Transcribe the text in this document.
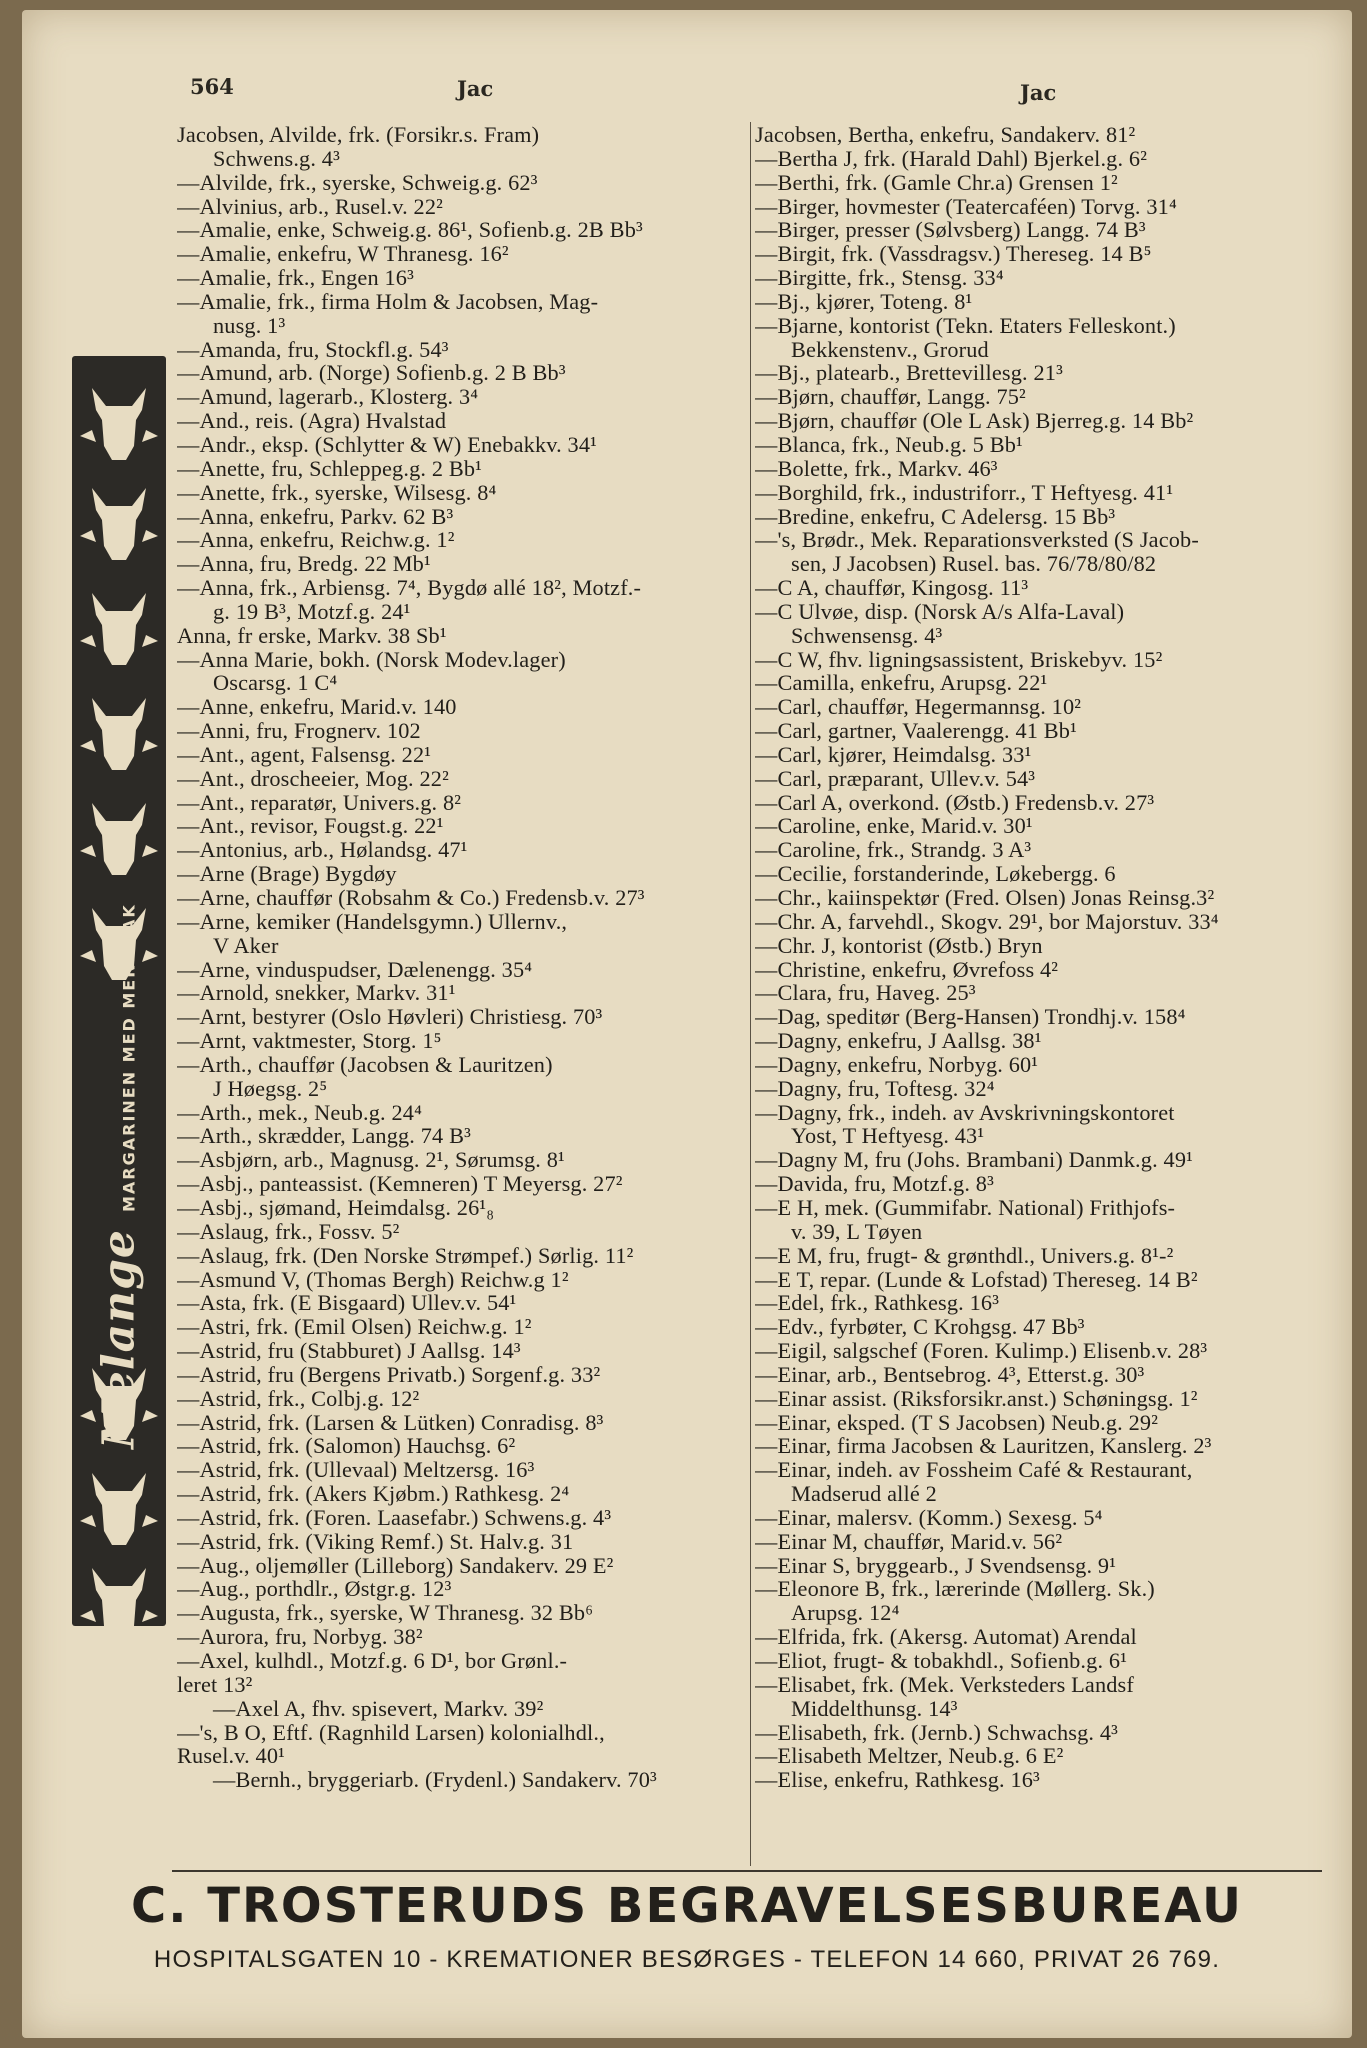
564	Jac	Jac
Melange MARGARINEN MED MERSMAK
Jacobsen, Alvilde, frk. (Forsikr.s. Fram)
Schwens.g. 4³
—Alvilde, frk., syerske, Schweig.g. 62³
—Alvinius, arb., Rusel.v. 22²
—Amalie, enke, Schweig.g. 86¹, Sofienb.g. 2B Bb³
—Amalie, enkefru, W Thranesg. 16²
—Amalie, frk., Engen 16³
—Amalie, frk., firma Holm & Jacobsen, Mag-
nusg. 1³
—Amanda, fru, Stockfl.g. 54³
—Amund, arb. (Norge) Sofienb.g. 2 B Bb³
—Amund, lagerarb., Klosterg. 3⁴
—And., reis. (Agra) Hvalstad
—Andr., eksp. (Schlytter & W) Enebakkv. 34¹
—Anette, fru, Schleppeg.g. 2 Bb¹
—Anette, frk., syerske, Wilsesg. 8⁴
—Anna, enkefru, Parkv. 62 B³
—Anna, enkefru, Reichw.g. 1²
—Anna, fru, Bredg. 22 Mb¹
—Anna, frk., Arbiensg. 7⁴, Bygdø allé 18², Motzf.-
g. 19 B³, Motzf.g. 24¹
Anna, fr erske, Markv. 38 Sb¹
—Anna Marie, bokh. (Norsk Modev.lager)
Oscarsg. 1 C⁴
—Anne, enkefru, Marid.v. 140
—Anni, fru, Frognerv. 102
—Ant., agent, Falsensg. 22¹
—Ant., droscheeier, Mog. 22²
—Ant., reparatør, Univers.g. 8²
—Ant., revisor, Fougst.g. 22¹
—Antonius, arb., Hølandsg. 47¹
—Arne (Brage) Bygdøy
—Arne, chauffør (Robsahm & Co.) Fredensb.v. 27³
—Arne, kemiker (Handelsgymn.) Ullernv.,
V Aker
—Arne, vinduspudser, Dælenengg. 35⁴
—Arnold, snekker, Markv. 31¹
—Arnt, bestyrer (Oslo Høvleri) Christiesg. 70³
—Arnt, vaktmester, Storg. 1⁵
—Arth., chauffør (Jacobsen & Lauritzen)
J Høegsg. 2⁵
—Arth., mek., Neub.g. 24⁴
—Arth., skrædder, Langg. 74 B³
—Asbjørn, arb., Magnusg. 2¹, Sørumsg. 8¹
—Asbj., panteassist. (Kemneren) T Meyersg. 27²
—Asbj., sjømand, Heimdalsg. 26¹₈
—Aslaug, frk., Fossv. 5²
—Aslaug, frk. (Den Norske Strømpef.) Sørlig. 11²
—Asmund V, (Thomas Bergh) Reichw.g 1²
—Asta, frk. (E Bisgaard) Ullev.v. 54¹
—Astri, frk. (Emil Olsen) Reichw.g. 1²
—Astrid, fru (Stabburet) J Aallsg. 14³
—Astrid, fru (Bergens Privatb.) Sorgenf.g. 33²
—Astrid, frk., Colbj.g. 12²
—Astrid, frk. (Larsen & Lütken) Conradisg. 8³
—Astrid, frk. (Salomon) Hauchsg. 6²
—Astrid, frk. (Ullevaal) Meltzersg. 16³
—Astrid, frk. (Akers Kjøbm.) Rathkesg. 2⁴
—Astrid, frk. (Foren. Laasefabr.) Schwens.g. 4³
—Astrid, frk. (Viking Remf.) St. Halv.g. 31
—Aug., oljemøller (Lilleborg) Sandakerv. 29 E²
—Aug., porthdlr., Østgr.g. 12³
—Augusta, frk., syerske, W Thranesg. 32 Bb⁶
—Aurora, fru, Norbyg. 38²
—Axel, kulhdl., Motzf.g. 6 D¹, bor Grønl.-
leret 13²
—Axel A, fhv. spisevert, Markv. 39²
—'s, B O, Eftf. (Ragnhild Larsen) kolonialhdl.,
Rusel.v. 40¹
—Bernh., bryggeriarb. (Frydenl.) Sandakerv. 70³
Jacobsen, Bertha, enkefru, Sandakerv. 81²
—Bertha J, frk. (Harald Dahl) Bjerkel.g. 6²
—Berthi, frk. (Gamle Chr.a) Grensen 1²
—Birger, hovmester (Teatercaféen) Torvg. 31⁴
—Birger, presser (Sølvsberg) Langg. 74 B³
—Birgit, frk. (Vassdragsv.) Thereseg. 14 B⁵
—Birgitte, frk., Stensg. 33⁴
—Bj., kjører, Toteng. 8¹
—Bjarne, kontorist (Tekn. Etaters Felleskont.)
Bekkenstenv., Grorud
—Bj., platearb., Brettevillesg. 21³
—Bjørn, chauffør, Langg. 75²
—Bjørn, chauffør (Ole L Ask) Bjerreg.g. 14 Bb²
—Blanca, frk., Neub.g. 5 Bb¹
—Bolette, frk., Markv. 46³
—Borghild, frk., industriforr., T Heftyesg. 41¹
—Bredine, enkefru, C Adelersg. 15 Bb³
—'s, Brødr., Mek. Reparationsverksted (S Jacob-
sen, J Jacobsen) Rusel. bas. 76/78/80/82
—C A, chauffør, Kingosg. 11³
—C Ulvøe, disp. (Norsk A/s Alfa-Laval)
Schwensensg. 4³
—C W, fhv. ligningsassistent, Briskebyv. 15²
—Camilla, enkefru, Arupsg. 22¹
—Carl, chauffør, Hegermannsg. 10²
—Carl, gartner, Vaalerengg. 41 Bb¹
—Carl, kjører, Heimdalsg. 33¹
—Carl, præparant, Ullev.v. 54³
—Carl A, overkond. (Østb.) Fredensb.v. 27³
—Caroline, enke, Marid.v. 30¹
—Caroline, frk., Strandg. 3 A³
—Cecilie, forstanderinde, Løkebergg. 6
—Chr., kaiinspektør (Fred. Olsen) Jonas Reinsg.3²
—Chr. A, farvehdl., Skogv. 29¹, bor Majorstuv. 33⁴
—Chr. J, kontorist (Østb.) Bryn
—Christine, enkefru, Øvrefoss 4²
—Clara, fru, Haveg. 25³
—Dag, speditør (Berg-Hansen) Trondhj.v. 158⁴
—Dagny, enkefru, J Aallsg. 38¹
—Dagny, enkefru, Norbyg. 60¹
—Dagny, fru, Toftesg. 32⁴
—Dagny, frk., indeh. av Avskrivningskontoret
Yost, T Heftyesg. 43¹
—Dagny M, fru (Johs. Brambani) Danmk.g. 49¹
—Davida, fru, Motzf.g. 8³
—E H, mek. (Gummifabr. National) Frithjofs-
v. 39, L Tøyen
—E M, fru, frugt- & grønthdl., Univers.g. 8¹-²
—E T, repar. (Lunde & Lofstad) Thereseg. 14 B²
—Edel, frk., Rathkesg. 16³
—Edv., fyrbøter, C Krohgsg. 47 Bb³
—Eigil, salgschef (Foren. Kulimp.) Elisenb.v. 28³
—Einar, arb., Bentsebrog. 4³, Etterst.g. 30³
—Einar assist. (Riksforsikr.anst.) Schøningsg. 1²
—Einar, eksped. (T S Jacobsen) Neub.g. 29²
—Einar, firma Jacobsen & Lauritzen, Kanslerg. 2³
—Einar, indeh. av Fossheim Café & Restaurant,
Madserud allé 2
—Einar, malersv. (Komm.) Sexesg. 5⁴
—Einar M, chauffør, Marid.v. 56²
—Einar S, bryggearb., J Svendsensg. 9¹
—Eleonore B, frk., lærerinde (Møllerg. Sk.)
Arupsg. 12⁴
—Elfrida, frk. (Akersg. Automat) Arendal
—Eliot, frugt- & tobakhdl., Sofienb.g. 6¹
—Elisabet, frk. (Mek. Verksteders Landsf
Middelthunsg. 14³
—Elisabeth, frk. (Jernb.) Schwachsg. 4³
—Elisabeth Meltzer, Neub.g. 6 E²
—Elise, enkefru, Rathkesg. 16³
C. TROSTERUDS BEGRAVELSESBUREAU
HOSPITALSGATEN 10 - KREMATIONER BESØRGES - TELEFON 14 660, PRIVAT 26 769.
